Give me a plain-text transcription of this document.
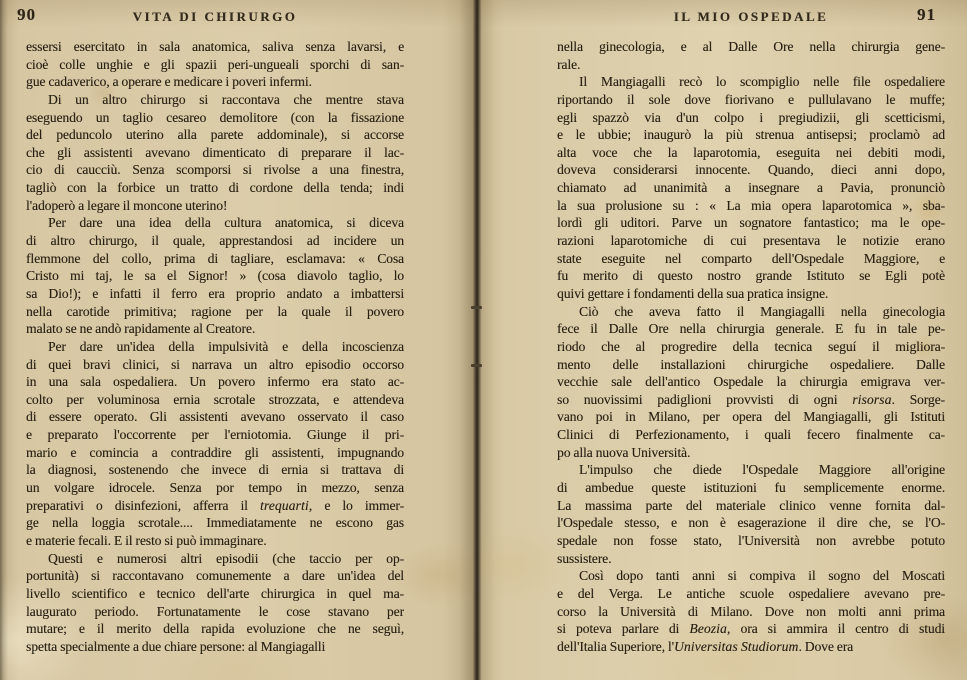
90	VITA DI CHIRURGO

essersi esercitato in sala anatomica, saliva senza lavarsi, e
cioè colle unghie e gli spazii peri-ungueali sporchi di san-
gue cadaverico, a operare e medicare i poveri infermi.

Di un altro chirurgo si raccontava che mentre stava
eseguendo un taglio cesareo demolitore (con la fissazione
del peduncolo uterino alla parete addominale), si accorse
che gli assistenti avevano dimenticato di preparare il lac-
cio di caucciù. Senza scomporsi si rivolse a una finestra,
tagliò con la forbice un tratto di cordone della tenda; indi
l'adoperò a legare il moncone uterino!

Per dare una idea della cultura anatomica, si diceva
di altro chirurgo, il quale, apprestandosi ad incidere un
flemmone del collo, prima di tagliare, esclamava: « Cosa
Cristo mi taj, le sa el Signor! » (cosa diavolo taglio, lo
sa Dio!); e infatti il ferro era proprio andato a imbattersi
nella carotide primitiva; ragione per la quale il povero
malato se ne andò rapidamente al Creatore.

Per dare un'idea della impulsività e della incoscienza
di quei bravi clinici, si narrava un altro episodio occorso
in una sala ospedaliera. Un povero infermo era stato ac-
colto per voluminosa ernia scrotale strozzata, e attendeva
di essere operato. Gli assistenti avevano osservato il caso
e preparato l'occorrente per l'erniotomia. Giunge il pri-
mario e comincia a contraddire gli assistenti, impugnando
la diagnosi, sostenendo che invece di ernia si trattava di
un volgare idrocele. Senza por tempo in mezzo, senza
preparativi o disinfezioni, afferra il trequarti, e lo immer-
ge nella loggia scrotale.... Immediatamente ne escono gas
e materie fecali. E il resto si può immaginare.

Questi e numerosi altri episodii (che taccio per op-
portunità) si raccontavano comunemente a dare un'idea del
livello scientifico e tecnico dell'arte chirurgica in quel ma-
laugurato periodo. Fortunatamente le cose stavano per
mutare; e il merito della rapida evoluzione che ne seguì,
spetta specialmente a due chiare persone: al Mangiagalli

IL MIO OSPEDALE	91

nella ginecologia, e al Dalle Ore nella chirurgia gene-
rale.

Il Mangiagalli recò lo scompiglio nelle file ospedaliere
riportando il sole dove fiorivano e pullulavano le muffe;
egli spazzò via d'un colpo i pregiudizii, gli scetticismi,
e le ubbie; inaugurò la più strenua antisepsi; proclamò ad
alta voce che la laparotomia, eseguita nei debiti modi,
doveva considerarsi innocente. Quando, dieci anni dopo,
chiamato ad unanimità a insegnare a Pavia, pronunciò
la sua prolusione su : « La mia opera laparotomica », sba-
lordì gli uditori. Parve un sognatore fantastico; ma le ope-
razioni laparotomiche di cui presentava le notizie erano
state eseguite nel comparto dell'Ospedale Maggiore, e
fu merito di questo nostro grande Istituto se Egli potè
quivi gettare i fondamenti della sua pratica insigne.

Ciò che aveva fatto il Mangiagalli nella ginecologia
fece il Dalle Ore nella chirurgia generale. E fu in tale pe-
riodo che al progredire della tecnica seguí il migliora-
mento delle installazioni chirurgiche ospedaliere. Dalle
vecchie sale dell'antico Ospedale la chirurgia emigrava ver-
so nuovissimi padiglioni provvisti di ogni risorsa. Sorge-
vano poi in Milano, per opera del Mangiagalli, gli Istituti
Clinici di Perfezionamento, i quali fecero finalmente ca-
po alla nuova Università.

L'impulso che diede l'Ospedale Maggiore all'origine
di ambedue queste istituzioni fu semplicemente enorme.
La massima parte del materiale clinico venne fornita dal-
l'Ospedale stesso, e non è esagerazione il dire che, se l'O-
spedale non fosse stato, l'Università non avrebbe potuto
sussistere.

Così dopo tanti anni si compiva il sogno del Moscati
e del Verga. Le antiche scuole ospedaliere avevano pre-
corso la Università di Milano. Dove non molti anni prima
si poteva parlare di Beozia, ora si ammira il centro di studi
dell'Italia Superiore, l'Universitas Studiorum. Dove era
